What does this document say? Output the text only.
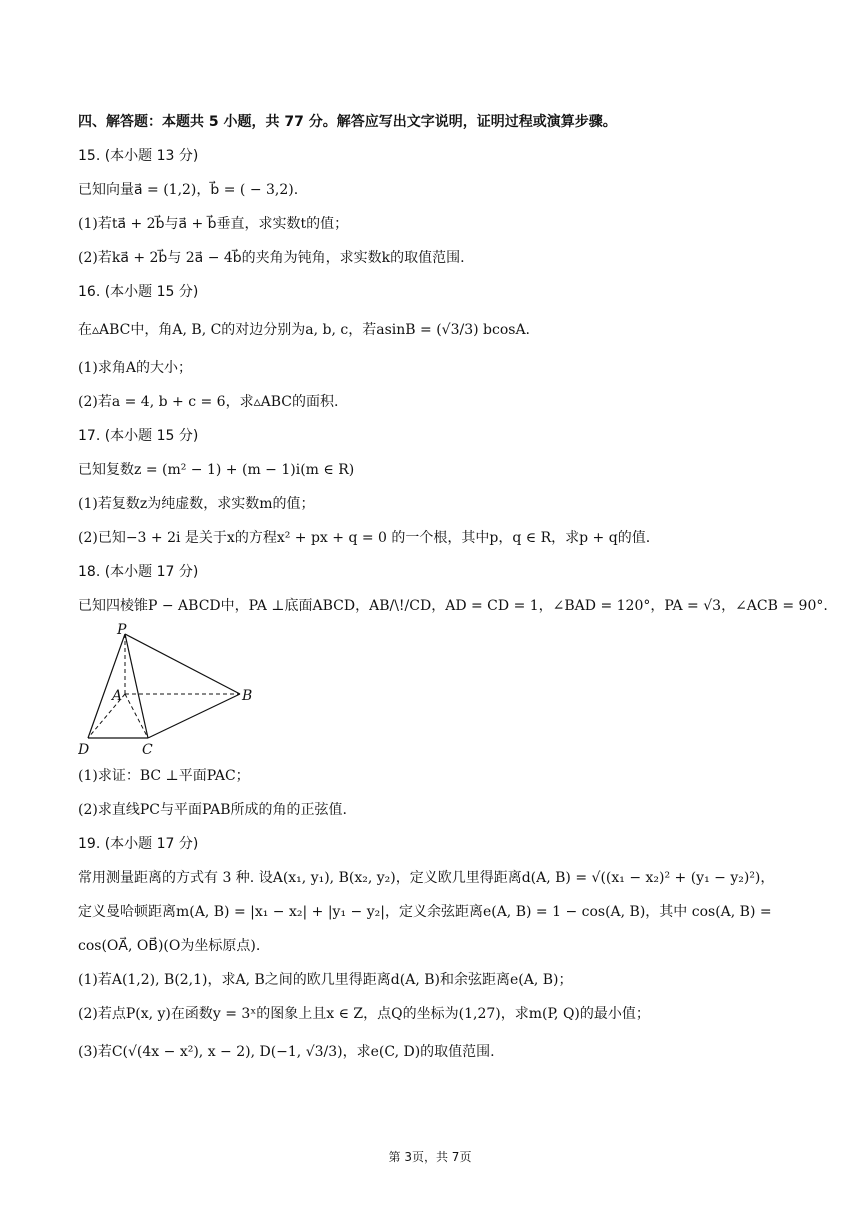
四、解答题：本题共 5 小题，共 77 分。解答应写出文字说明，证明过程或演算步骤。
15. (本小题 13 分)
已知向量a⃗ = (1,2)，b⃗ = ( − 3,2).
(1)若ta⃗ + 2b⃗与a⃗ + b⃗垂直，求实数t的值；
(2)若ka⃗ + 2b⃗与 2a⃗ − 4b⃗的夹角为钝角，求实数k的取值范围.
16. (本小题 15 分)
在▵ABC中，角A, B, C的对边分别为a, b, c，若asinB = (√3/3) bcosA.
(1)求角A的大小；
(2)若a = 4, b + c = 6，求▵ABC的面积.
17. (本小题 15 分)
已知复数z = (m² − 1) + (m − 1)i(m ∈ R)
(1)若复数z为纯虚数，求实数m的值；
(2)已知−3 + 2i 是关于x的方程x² + px + q = 0 的一个根，其中p，q ∈ R，求p + q的值.
18. (本小题 17 分)
已知四棱锥P − ABCD中，PA ⊥底面ABCD，AB/\!/CD，AD = CD = 1，∠BAD = 120°，PA = √3，∠ACB = 90°.
P
A	B
C
D
(1)求证：BC ⊥平面PAC；
(2)求直线PC与平面PAB所成的角的正弦值.
19. (本小题 17 分)
常用测量距离的方式有 3 种. 设A(x₁, y₁), B(x₂, y₂)，定义欧几里得距离d(A, B) = √((x₁ − x₂)² + (y₁ − y₂)²)，
定义曼哈顿距离m(A, B) = |x₁ − x₂| + |y₁ − y₂|，定义余弦距离e(A, B) = 1 − cos(A, B)，其中 cos(A, B) =
cos(OA⃗, OB⃗)(O为坐标原点).
(1)若A(1,2), B(2,1)，求A, B之间的欧几里得距离d(A, B)和余弦距离e(A, B)；
(2)若点P(x, y)在函数y = 3ˣ的图象上且x ∈ Z，点Q的坐标为(1,27)，求m(P, Q)的最小值；
(3)若C(√(4x − x²), x − 2), D(−1, √3/3)，求e(C, D)的取值范围.
第 3页，共 7页
